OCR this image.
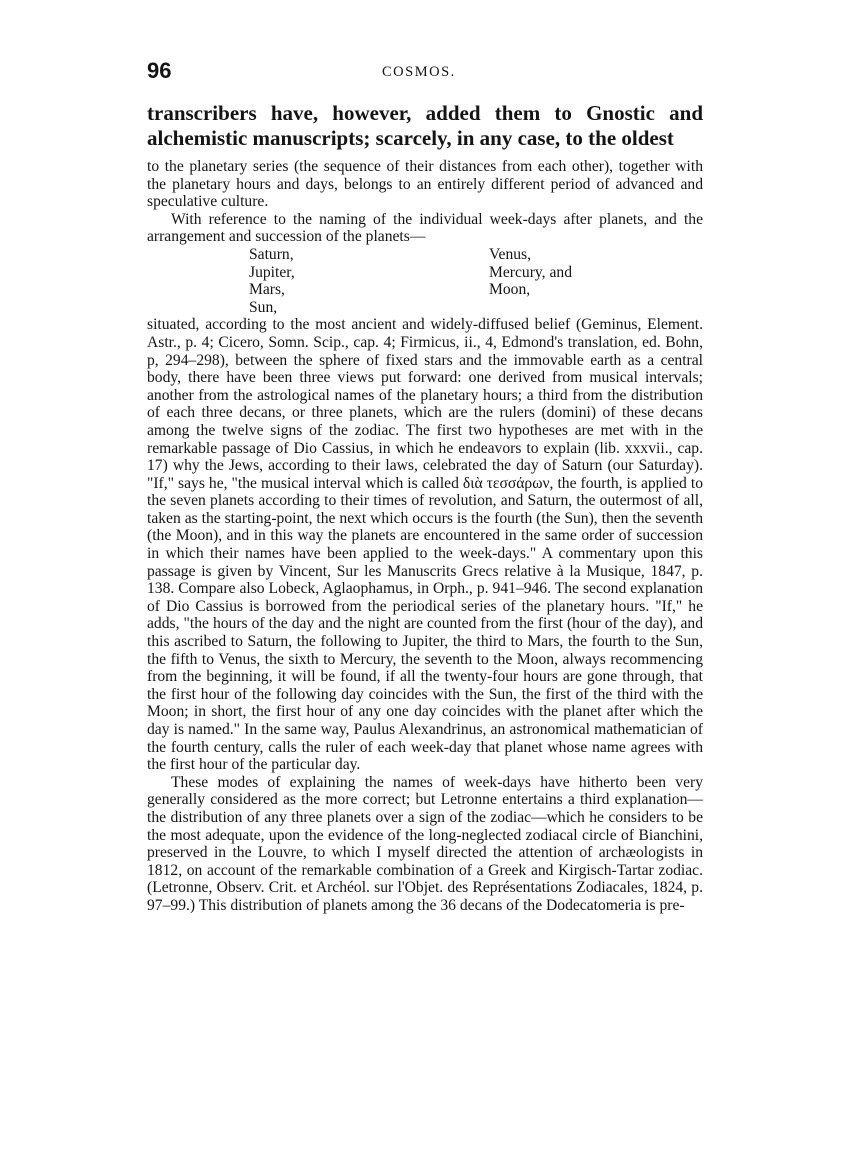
96	COSMOS.
transcribers have, however, added them to Gnostic and alchemistic manuscripts; scarcely, in any case, to the oldest

to the planetary series (the sequence of their distances from each other), together with the planetary hours and days, belongs to an entirely different period of advanced and speculative culture.

With reference to the naming of the individual week-days after planets, and the arrangement and succession of the planets—

Saturn,
Jupiter,
Mars,
Sun,
Venus,
Mercury, and
Moon,

situated, according to the most ancient and widely-diffused belief (Geminus, Element. Astr., p. 4; Cicero, Somn. Scip., cap. 4; Firmicus, ii., 4, Edmond's translation, ed. Bohn, p, 294–298), between the sphere of fixed stars and the immovable earth as a central body, there have been three views put forward: one derived from musical intervals; another from the astrological names of the planetary hours; a third from the distribution of each three decans, or three planets, which are the rulers (domini) of these decans among the twelve signs of the zodiac. The first two hypotheses are met with in the remarkable passage of Dio Cassius, in which he endeavors to explain (lib. xxxvii., cap. 17) why the Jews, according to their laws, celebrated the day of Saturn (our Saturday). "If," says he, "the musical interval which is called διὰ τεσσάρων, the fourth, is applied to the seven planets according to their times of revolution, and Saturn, the outermost of all, taken as the starting-point, the next which occurs is the fourth (the Sun), then the seventh (the Moon), and in this way the planets are encountered in the same order of succession in which their names have been applied to the week-days." A commentary upon this passage is given by Vincent, Sur les Manuscrits Grecs relative à la Musique, 1847, p. 138. Compare also Lobeck, Aglaophamus, in Orph., p. 941–946. The second explanation of Dio Cassius is borrowed from the periodical series of the planetary hours. "If," he adds, "the hours of the day and the night are counted from the first (hour of the day), and this ascribed to Saturn, the following to Jupiter, the third to Mars, the fourth to the Sun, the fifth to Venus, the sixth to Mercury, the seventh to the Moon, always recommencing from the beginning, it will be found, if all the twenty-four hours are gone through, that the first hour of the following day coincides with the Sun, the first of the third with the Moon; in short, the first hour of any one day coincides with the planet after which the day is named." In the same way, Paulus Alexandrinus, an astronomical mathematician of the fourth century, calls the ruler of each week-day that planet whose name agrees with the first hour of the particular day.

These modes of explaining the names of week-days have hitherto been very generally considered as the more correct; but Letronne entertains a third explanation—the distribution of any three planets over a sign of the zodiac—which he considers to be the most adequate, upon the evidence of the long-neglected zodiacal circle of Bianchini, preserved in the Louvre, to which I myself directed the attention of archæologists in 1812, on account of the remarkable combination of a Greek and Kirgisch-Tartar zodiac. (Letronne, Observ. Crit. et Archéol. sur l'Objet. des Représentations Zodiacales, 1824, p. 97–99.) This distribution of planets among the 36 decans of the Dodecatomeria is pre-
